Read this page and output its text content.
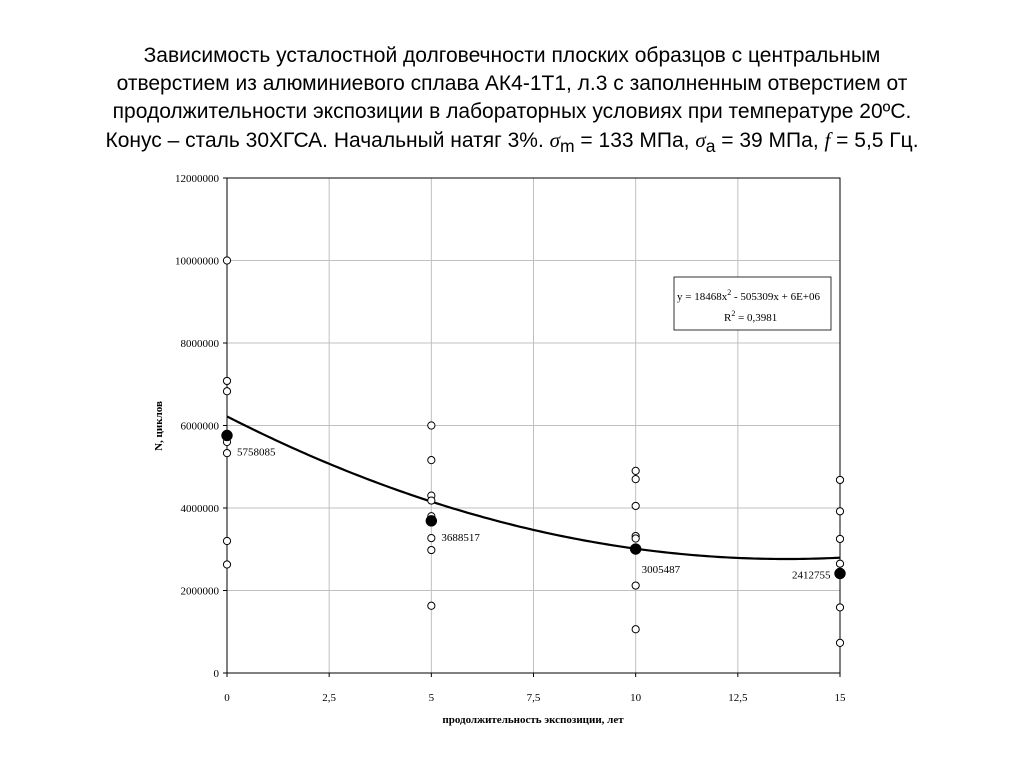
Зависимость усталостной долговечности плоских образцов с центральным
отверстием из алюминиевого сплава АК4-1Т1, л.3 с заполненным отверстием от
продолжительности экспозиции в лабораторных условиях при температуре 20ºС.
Конус – сталь 30ХГСА. Начальный натяг 3%. $\sigma_m = 133$ МПа, $\sigma_a = 39$ МПа, f = 5,5 Гц.
0	2,5	5	7,5	10	12,5	15
0
2000000
4000000
6000000
8000000
10000000
12000000
5758085
3688517
3005487	2412755
$y = 18468x^2 - 505309x + 6E+06$
$R^2 = 0,3981$
продолжительность экспозиции, лет
N, циклов
